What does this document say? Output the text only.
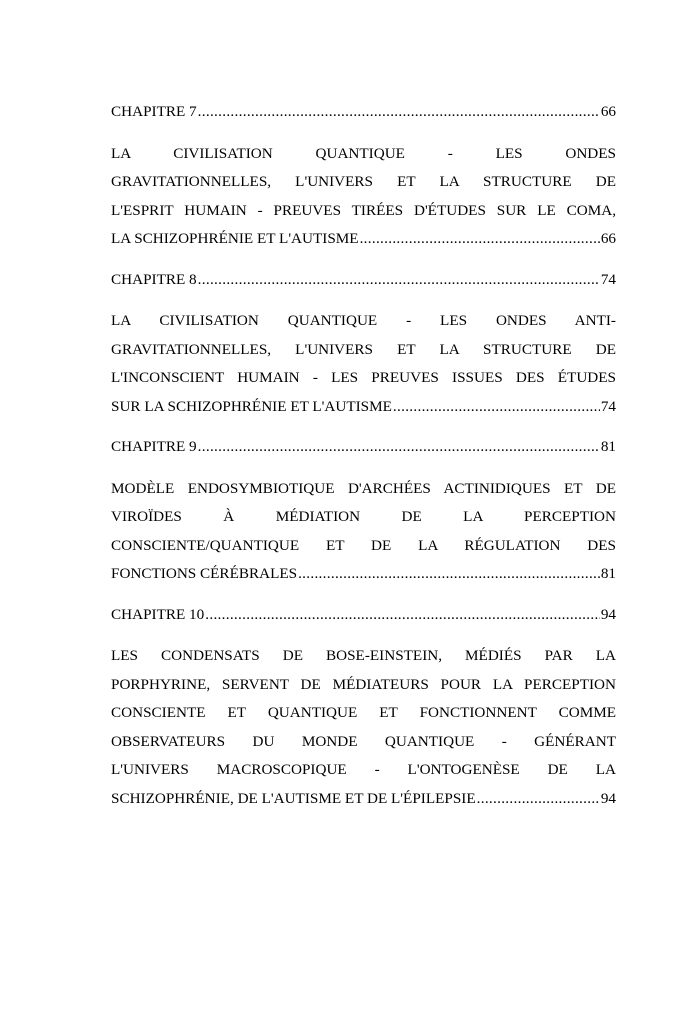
CHAPITRE 7 .....	66
LA CIVILISATION QUANTIQUE - LES ONDES
GRAVITATIONNELLES, L'UNIVERS ET LA STRUCTURE DE
L'ESPRIT HUMAIN - PREUVES TIRÉES D'ÉTUDES SUR LE COMA,
LA SCHIZOPHRÉNIE ET L'AUTISME .....	66
CHAPITRE 8 .....	74
LA CIVILISATION QUANTIQUE - LES ONDES ANTI-
GRAVITATIONNELLES, L'UNIVERS ET LA STRUCTURE DE
L'INCONSCIENT HUMAIN - LES PREUVES ISSUES DES ÉTUDES
SUR LA SCHIZOPHRÉNIE ET L'AUTISME .....	74
CHAPITRE 9 .....	81
MODÈLE ENDOSYMBIOTIQUE D'ARCHÉES ACTINIDIQUES ET DE
VIROÏDES À MÉDIATION DE LA PERCEPTION
CONSCIENTE/QUANTIQUE ET DE LA RÉGULATION DES
FONCTIONS CÉRÉBRALES .....	81
CHAPITRE 10 .....	94
LES CONDENSATS DE BOSE-EINSTEIN, MÉDIÉS PAR LA
PORPHYRINE, SERVENT DE MÉDIATEURS POUR LA PERCEPTION
CONSCIENTE ET QUANTIQUE ET FONCTIONNENT COMME
OBSERVATEURS DU MONDE QUANTIQUE - GÉNÉRANT
L'UNIVERS MACROSCOPIQUE - L'ONTOGENÈSE DE LA
SCHIZOPHRÉNIE, DE L'AUTISME ET DE L'ÉPILEPSIE .....	94
